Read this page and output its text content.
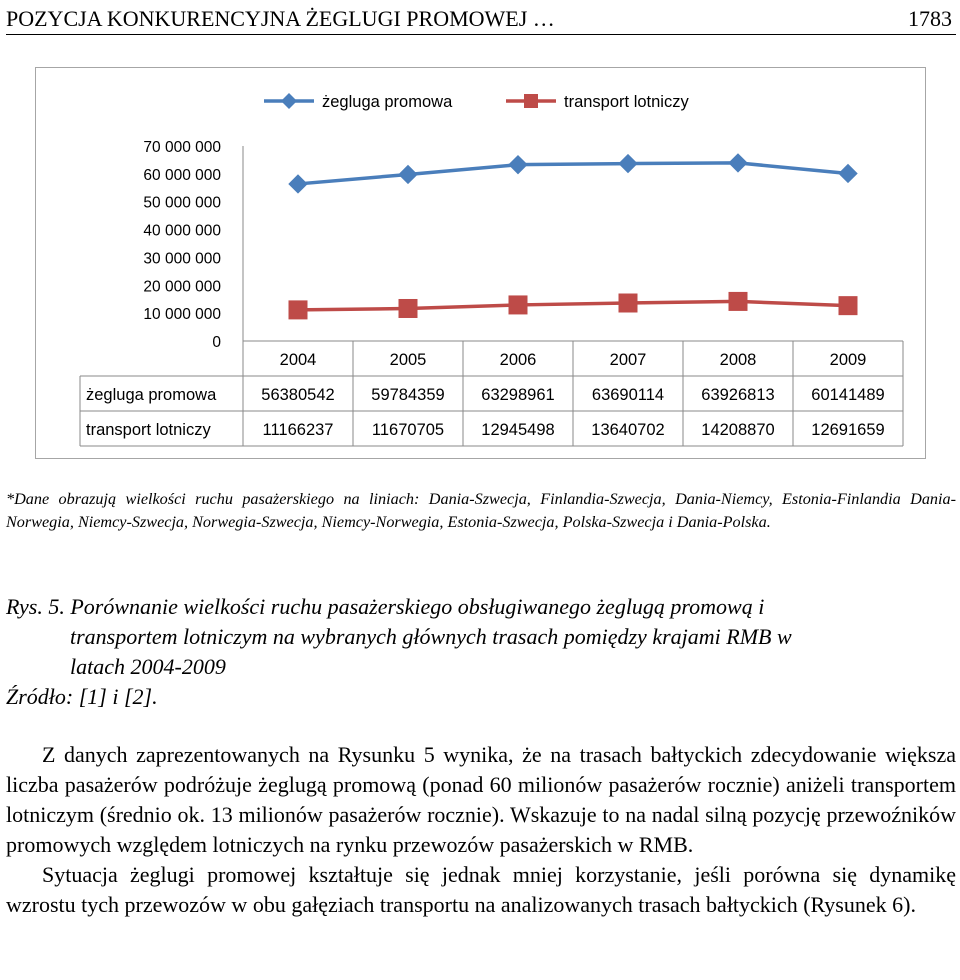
POZYCJA KONKURENCYJNA ŻEGLUGI PROMOWEJ …	1783
70 000 000
60 000 000
50 000 000
40 000 000
30 000 000
20 000 000
10 000 000
0
2004	2005	2006	2007	2008	2009
żegluga promowa	56380542 59784359 63298961 63690114 63926813 60141489
transport lotniczy	11166237 11670705 12945498 13640702 14208870 12691659
żegluga promowa	transport lotniczy
*Dane obrazują wielkości ruchu pasażerskiego na liniach: Dania-Szwecja, Finlandia-Szwecja, Dania-Niemcy, Estonia-Finlandia Dania-Norwegia, Niemcy-Szwecja, Norwegia-Szwecja, Niemcy-Norwegia, Estonia-Szwecja, Polska-Szwecja i Dania-Polska.
Rys. 5. Porównanie wielkości ruchu pasażerskiego obsługiwanego żeglugą promową i
transportem lotniczym na wybranych głównych trasach pomiędzy krajami RMB w
latach 2004-2009
Źródło: [1] i [2].

Z danych zaprezentowanych na Rysunku 5 wynika, że na trasach bałtyckich zdecydowanie większa liczba pasażerów podróżuje żeglugą promową (ponad 60 milionów pasażerów rocznie) aniżeli transportem lotniczym (średnio ok. 13 milionów pasażerów rocznie). Wskazuje to na nadal silną pozycję przewoźników promowych względem lotniczych na rynku przewozów pasażerskich w RMB.

Sytuacja żeglugi promowej kształtuje się jednak mniej korzystanie, jeśli porówna się dynamikę wzrostu tych przewozów w obu gałęziach transportu na analizowanych trasach bałtyckich (Rysunek 6).
